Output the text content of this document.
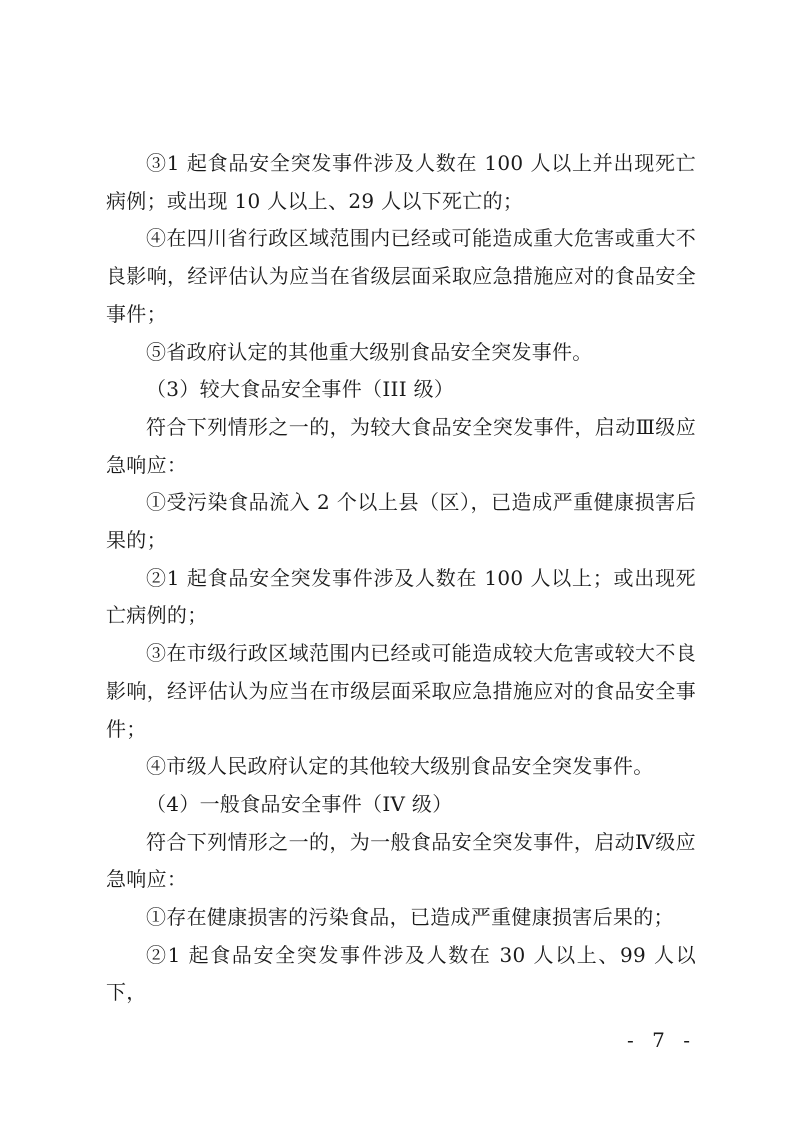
③1 起食品安全突发事件涉及人数在 100 人以上并出现死亡病例；或出现 10 人以上、29 人以下死亡的；

④在四川省行政区域范围内已经或可能造成重大危害或重大不良影响，经评估认为应当在省级层面采取应急措施应对的食品安全事件；

⑤省政府认定的其他重大级别食品安全突发事件。

（3）较大食品安全事件（III 级）

符合下列情形之一的，为较大食品安全突发事件，启动Ⅲ级应急响应：

①受污染食品流入 2 个以上县（区），已造成严重健康损害后果的；

②1 起食品安全突发事件涉及人数在 100 人以上；或出现死亡病例的；

③在市级行政区域范围内已经或可能造成较大危害或较大不良影响，经评估认为应当在市级层面采取应急措施应对的食品安全事件；

④市级人民政府认定的其他较大级别食品安全突发事件。

（4）一般食品安全事件（IV 级）

符合下列情形之一的，为一般食品安全突发事件，启动Ⅳ级应急响应：

①存在健康损害的污染食品，已造成严重健康损害后果的；

②1 起食品安全突发事件涉及人数在 30 人以上、99 人以下，

- 7 -
